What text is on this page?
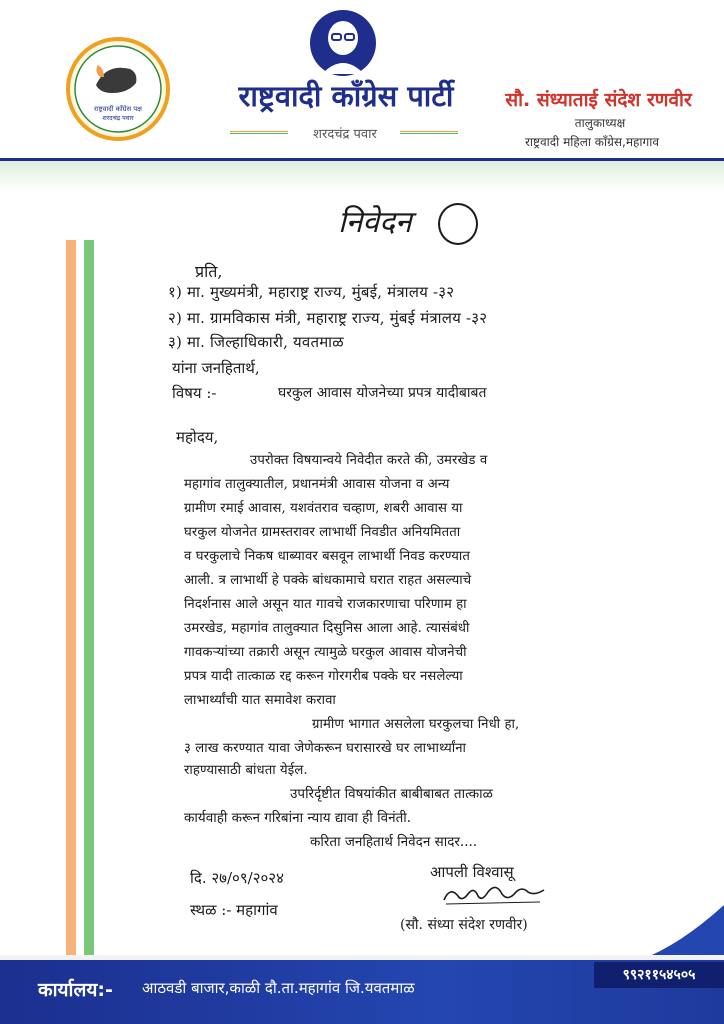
राष्ट्रवादी काँग्रेस पक्ष
शरदचंद्र पवार
राष्ट्रवादी काँग्रेस पार्टी
शरदचंद्र पवार
सौ. संध्याताई संदेश रणवीर
तालुकाध्यक्ष
राष्ट्रवादी महिला काँग्रेस,महागाव
निवेदन
प्रति,
१) मा. मुख्यमंत्री, महाराष्ट्र राज्य, मुंबई, मंत्रालय -३२
२) मा. ग्रामविकास मंत्री, महाराष्ट्र राज्य, मुंबई मंत्रालय -३२
३) मा. जिल्हाधिकारी, यवतमाळ
यांना जनहितार्थ,
विषय :-	घरकुल आवास योजनेच्या प्रपत्र यादीबाबत
महोदय,
उपरोक्त विषयान्वये निवेदीत करते की, उमरखेड व
महागांव तालुक्यातील, प्रधानमंत्री आवास योजना व अन्य
ग्रामीण रमाई आवास, यशवंतराव चव्हाण, शबरी आवास या
घरकुल योजनेत ग्रामस्तरावर लाभार्थी निवडीत अनियमितता
व घरकुलाचे निकष धाब्यावर बसवून लाभार्थी निवड करण्यात
आली. त्र लाभार्थी हे पक्के बांधकामाचे घरात राहत असल्याचे
निदर्शनास आले असून यात गावचे राजकारणाचा परिणाम हा
उमरखेड, महागांव तालुक्यात दिसुनिस आला आहे. त्यासंबंधी
गावकऱ्यांच्या तक्रारी असून त्यामुळे घरकुल आवास योजनेची
प्रपत्र यादी तात्काळ रद्द करून गोरगरीब पक्के घर नसलेल्या
लाभार्थ्यांची यात समावेश करावा
ग्रामीण भागात असलेला घरकुलचा निधी हा,
३ लाख करण्यात यावा जेणेकरून घरासारखे घर लाभार्थ्यांना
राहण्यासाठी बांधता येईल.
उपरिर्दृष्टीत विषयांकीत बाबीबाबत तात्काळ
कार्यवाही करून गरिबांना न्याय द्यावा ही विनंती.
करिता जनहितार्थ निवेदन सादर....
दि. २७/०९/२०२४
स्थळ :- महागांव
आपली विश्वासू
(सौ. संध्या संदेश रणवीर)
कार्यालय:- आठवडी बाजार,काळी दौ.ता.महागांव जि.यवतमाळ
९९२११५४५०५
